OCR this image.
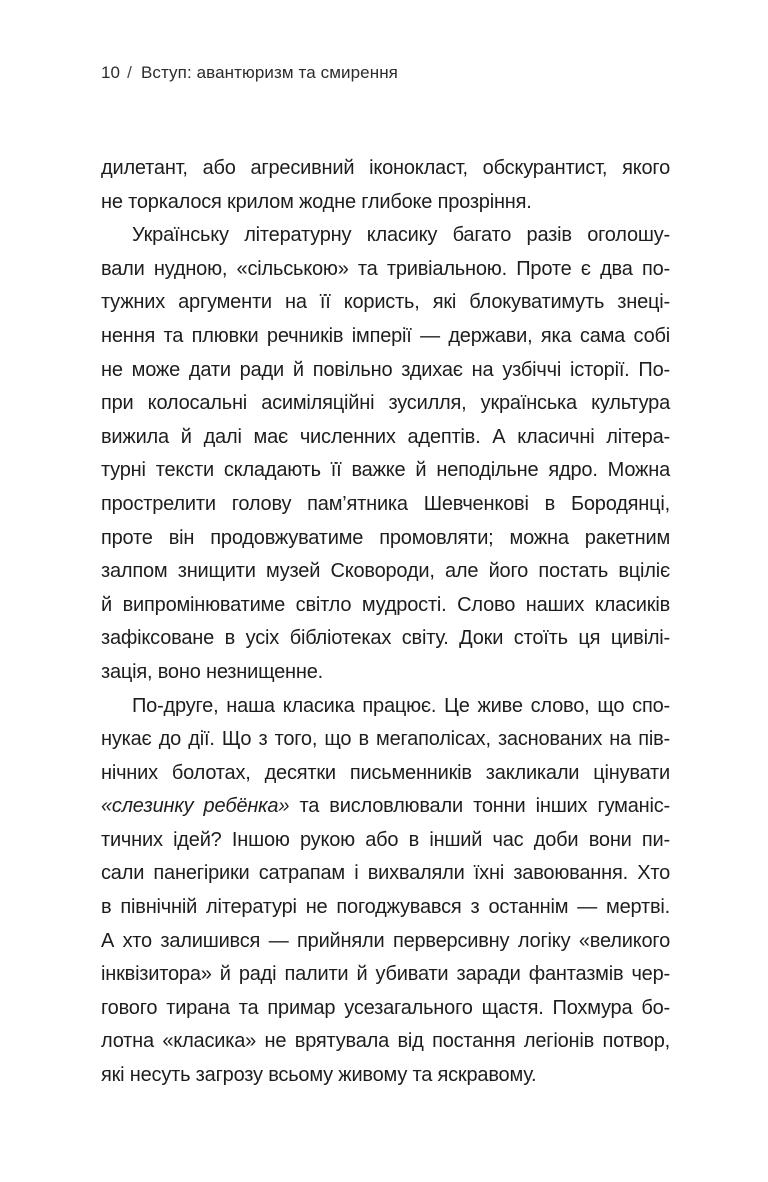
10 / Вступ: авантюризм та смирення
дилетант, або агресивний іконокласт, обскурантист, якого
не торкалося крилом жодне глибоке прозріння.
Українську літературну класику багато разів оголошу-
вали нудною, «сільською» та тривіальною. Проте є два по-
тужних аргументи на її користь, які блокуватимуть знеці-
нення та плювки речників імперії — держави, яка сама собі
не може дати ради й повільно здихає на узбіччі історії. По-
при колосальні асиміляційні зусилля, українська культура
вижила й далі має численних адептів. А класичні літера-
турні тексти складають її важке й неподільне ядро. Можна
прострелити голову пам’ятника Шевченкові в Бородянці,
проте він продовжуватиме промовляти; можна ракетним
залпом знищити музей Сковороди, але його постать вціліє
й випромінюватиме світло мудрості. Слово наших класиків
зафіксоване в усіх бібліотеках світу. Доки стоїть ця цивілі-
зація, воно незнищенне.
По-друге, наша класика працює. Це живе слово, що спо-
нукає до дії. Що з того, що в мегаполісах, заснованих на пів-
нічних болотах, десятки письменників закликали цінувати
«слезинку ребёнка» та висловлювали тонни інших гуманіс-
тичних ідей? Іншою рукою або в інший час доби вони пи-
сали панегірики сатрапам і вихваляли їхні завоювання. Хто
в північній літературі не погоджувався з останнім — мертві.
А хто залишився — прийняли перверсивну логіку «великого
інквізитора» й раді палити й убивати заради фантазмів чер-
гового тирана та примар усезагального щастя. Похмура бо-
лотна «класика» не врятувала від постання легіонів потвор,
які несуть загрозу всьому живому та яскравому.
